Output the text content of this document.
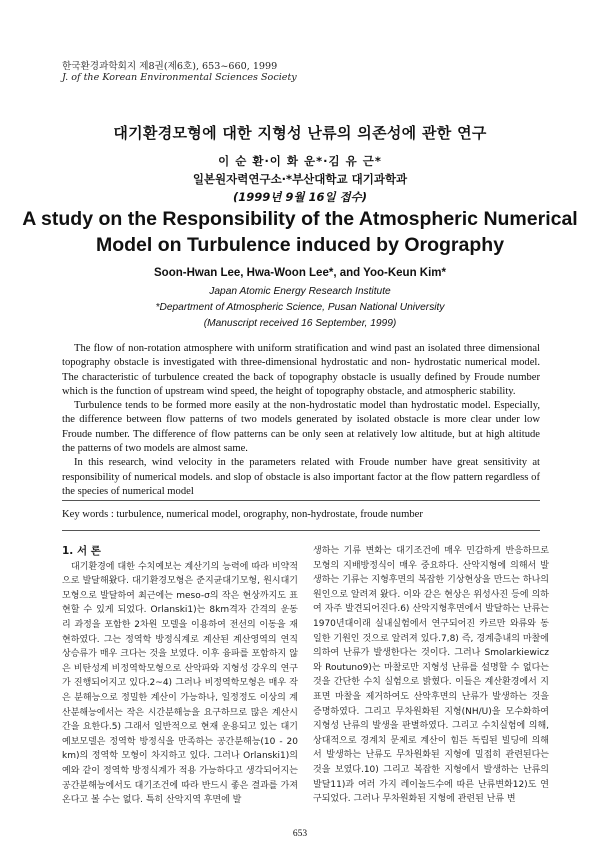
한국환경과학회지 제8권(제6호), 653~660, 1999
J. of the Korean Environmental Sciences Society
대기환경모형에 대한 지형성 난류의 의존성에 관한 연구
이 순 환·이 화 운*·김 유 근*
일본원자력연구소·*부산대학교 대기과학과
(1999년 9월 16일 접수)
A study on the Responsibility of the Atmospheric Numerical
Model on Turbulence induced by Orography
Soon-Hwan Lee, Hwa-Woon Lee*, and Yoo-Keun Kim*
Japan Atomic Energy Research Institute
*Department of Atmospheric Science, Pusan National University
(Manuscript received 16 September, 1999)

The flow of non-rotation atmosphere with uniform stratification and wind past an isolated three dimensional topography obstacle is investigated with three-dimensional hydrostatic and non- hydrostatic numerical model. The characteristic of turbulence created the back of topography obstacle is usually defined by Froude number which is the function of upstream wind speed, the height of topography obstacle, and atmospheric stability.

Turbulence tends to be formed more easily at the non-hydrostatic model than hydrostatic model. Especially, the difference between flow patterns of two models generated by isolated obstacle is more clear under low Froude number. The difference of flow patterns can be only seen at relatively low altitude, but at high altitude the patterns of two models are almost same.

In this research, wind velocity in the parameters related with Froude number have great sensitivity at responsibility of numerical models. and slop of obstacle is also important factor at the flow pattern regardless of the species of numerical model

Key words : turbulence, numerical model, orography, non-hydrostate, froude number
1. 서 론

대기환경에 대한 수치예보는 계산기의 능력에 따라 비약적으로 발달해왔다. 대기환경모형은 준지균대기모형, 원시대기모형으로 발달하여 최근에는 meso-σ의 작은 현상까지도 표현할 수 있게 되었다. Orlanski1)는 8km격자 간격의 운동리 과정을 포함한 2차원 모델을 이용하여 전선의 이동을 재현하였다. 그는 정역학 방정식계로 계산된 계산영역의 연직 상승류가 매우 크다는 것을 보였다. 이후 융파를 포함하지 않은 비탄성계 비정역학모형으로 산악파와 지형성 강우의 연구가 진행되어지고 있다.2~4) 그러나 비정역학모형은 매우 작은 분해능으로 정밀한 계산이 가능하나, 일정정도 이상의 계산분해능에서는 작은 시간분해능을 요구하므로 많은 계산시간을 요한다.5) 그래서 일반적으로 현재 운용되고 있는 대기예보모델은 정역학 방정식을 만족하는 공간분해능(10 - 20 km)의 정역학 모형이 차지하고 있다. 그러나 Orlanski1)의 예와 같이 정역학 방정식계가 적용 가능하다고 생각되어지는 공간분해능에서도 대기조건에 따라 반드시 좋은 결과를 가져온다고 볼 수는 없다. 특히 산악지역 후면에 발

생하는 기류 변화는 대기조건에 매우 민감하게 반응하므로 모형의 지배방정식이 매우 중요하다. 산악지형에 의해서 발생하는 기류는 지형후면의 복잡한 기상현상을 만드는 하나의 원인으로 알려져 왔다. 이와 같은 현상은 위성사진 등에 의하여 자주 발견되어진다.6) 산악지형후면에서 발달하는 난류는 1970년대이래 실내실험에서 연구되어진 카르만 와류와 동일한 기원인 것으로 알려져 있다.7,8) 즉, 경계층내의 마찰에 의하여 난류가 발생한다는 것이다. 그러나 Smolarkiewicz와 Routuno9)는 마찰로만 지형성 난류를 설명할 수 없다는 것을 간단한 수치 실험으로 밝혔다. 이들은 계산환경에서 지표면 마찰을 제거하여도 산악후면의 난류가 발생하는 것을 증명하였다. 그리고 무차원화된 지형(NH/U)을 모수화하여 지형성 난류의 발생을 판별하였다. 그리고 수치실험에 의해, 상대적으로 경계치 문제로 계산이 힘든 독립된 빌딩에 의해서 발생하는 난류도 무차원화된 지형에 밀접히 관련된다는 것을 보였다.10) 그리고 복잡한 지형에서 발생하는 난류의 발달11)과 여러 가지 레이놀드수에 따른 난류변화12)도 연구되었다. 그러나 무차원화된 지형에 관련된 난류 변

653
